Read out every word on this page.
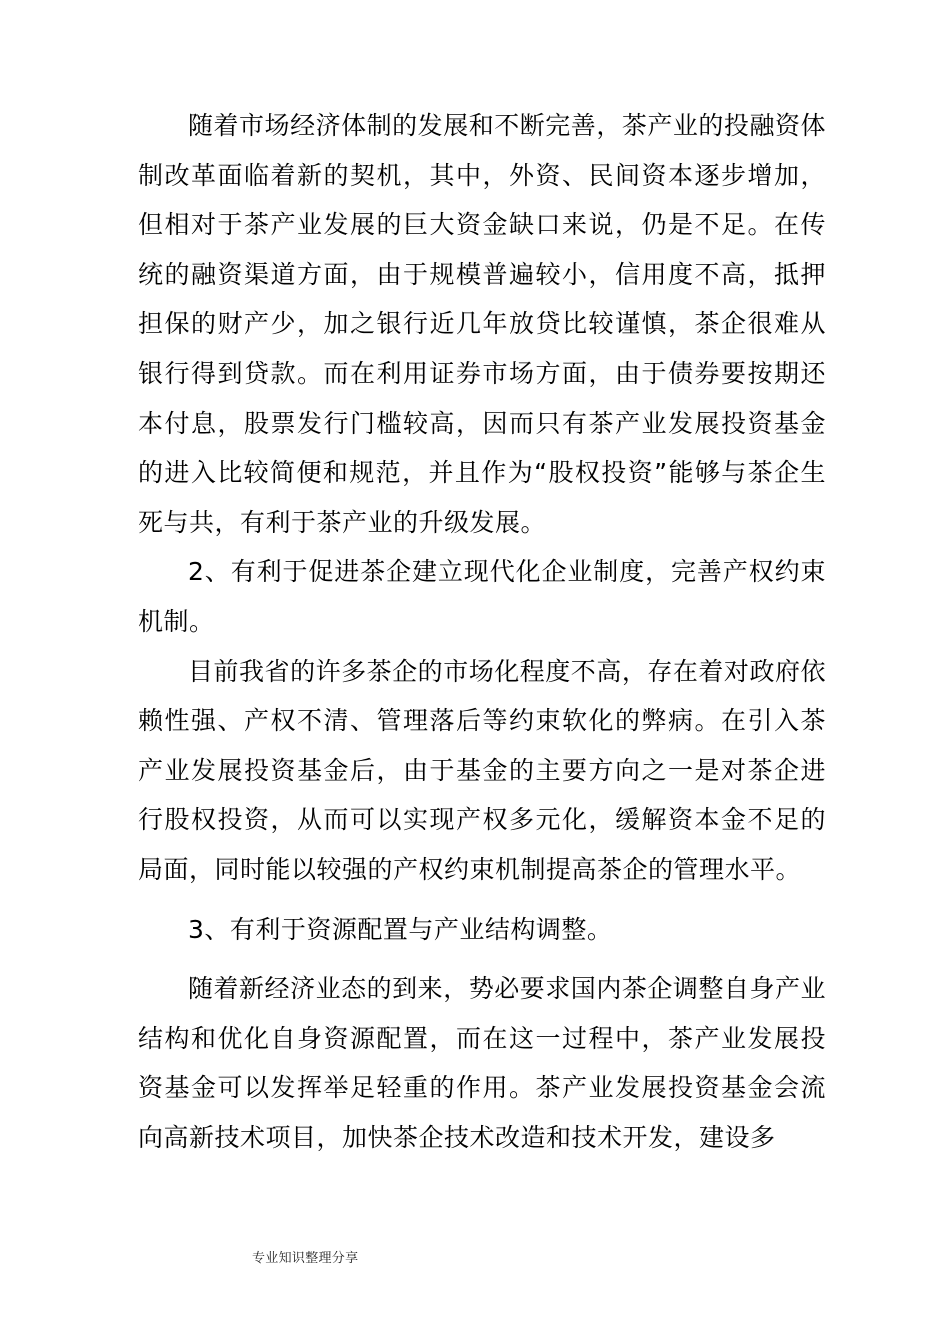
随着市场经济体制的发展和不断完善，茶产业的投融资体制改革面临着新的契机，其中，外资、民间资本逐步增加，但相对于茶产业发展的巨大资金缺口来说，仍是不足。在传统的融资渠道方面，由于规模普遍较小，信用度不高，抵押担保的财产少，加之银行近几年放贷比较谨慎，茶企很难从银行得到贷款。而在利用证券市场方面，由于债券要按期还本付息，股票发行门槛较高，因而只有茶产业发展投资基金的进入比较简便和规范，并且作为“股权投资”能够与茶企生死与共，有利于茶产业的升级发展。

2、有利于促进茶企建立现代化企业制度，完善产权约束机制。

目前我省的许多茶企的市场化程度不高，存在着对政府依赖性强、产权不清、管理落后等约束软化的弊病。在引入茶产业发展投资基金后，由于基金的主要方向之一是对茶企进行股权投资，从而可以实现产权多元化，缓解资本金不足的局面，同时能以较强的产权约束机制提高茶企的管理水平。

3、有利于资源配置与产业结构调整。

随着新经济业态的到来，势必要求国内茶企调整自身产业结构和优化自身资源配置，而在这一过程中，茶产业发展投资基金可以发挥举足轻重的作用。茶产业发展投资基金会流向高新技术项目，加快茶企技术改造和技术开发，建设多

专业知识整理分享
